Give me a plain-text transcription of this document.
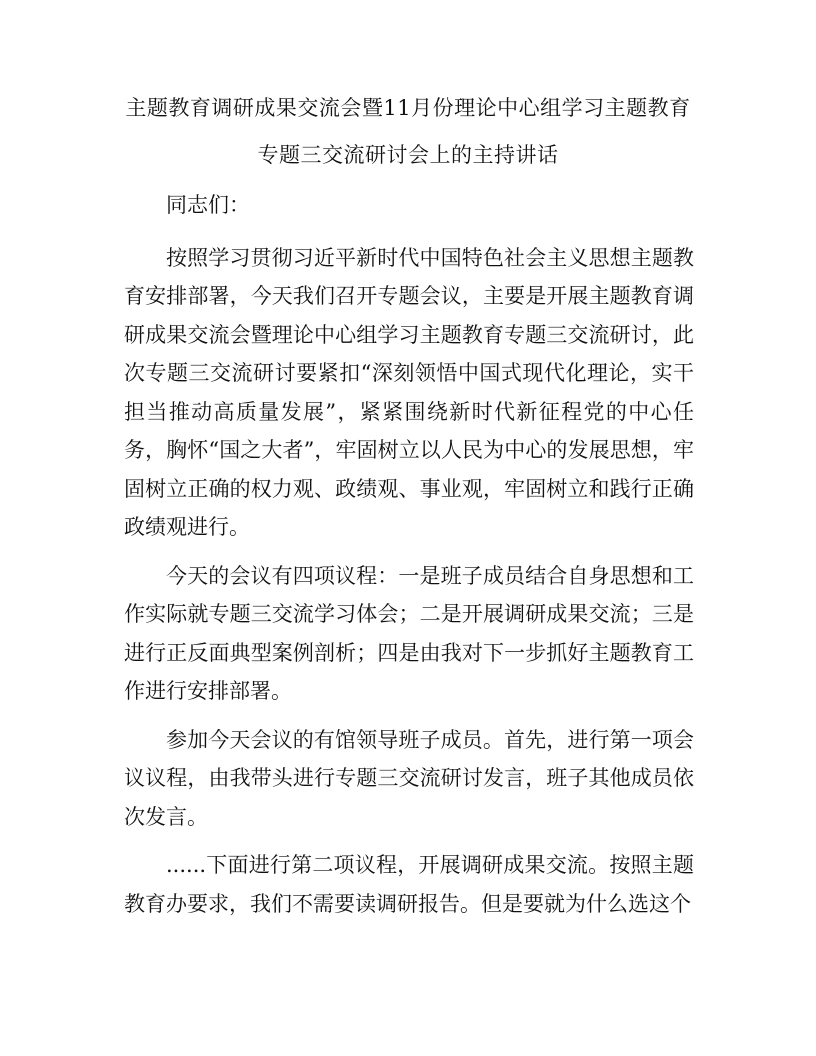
主题教育调研成果交流会暨11月份理论中心组学习主题教育
专题三交流研讨会上的主持讲话

同志们：

按照学习贯彻习近平新时代中国特色社会主义思想主题教育安排部署，今天我们召开专题会议，主要是开展主题教育调研成果交流会暨理论中心组学习主题教育专题三交流研讨，此次专题三交流研讨要紧扣“深刻领悟中国式现代化理论，实干担当推动高质量发展”，紧紧围绕新时代新征程党的中心任务，胸怀“国之大者”，牢固树立以人民为中心的发展思想，牢固树立正确的权力观、政绩观、事业观，牢固树立和践行正确政绩观进行。

今天的会议有四项议程：一是班子成员结合自身思想和工作实际就专题三交流学习体会；二是开展调研成果交流；三是进行正反面典型案例剖析；四是由我对下一步抓好主题教育工作进行安排部署。

参加今天会议的有馆领导班子成员。首先，进行第一项会议议程，由我带头进行专题三交流研讨发言，班子其他成员依次发言。

......下面进行第二项议程，开展调研成果交流。按照主题教育办要求，我们不需要读调研报告。但是要就为什么选这个
